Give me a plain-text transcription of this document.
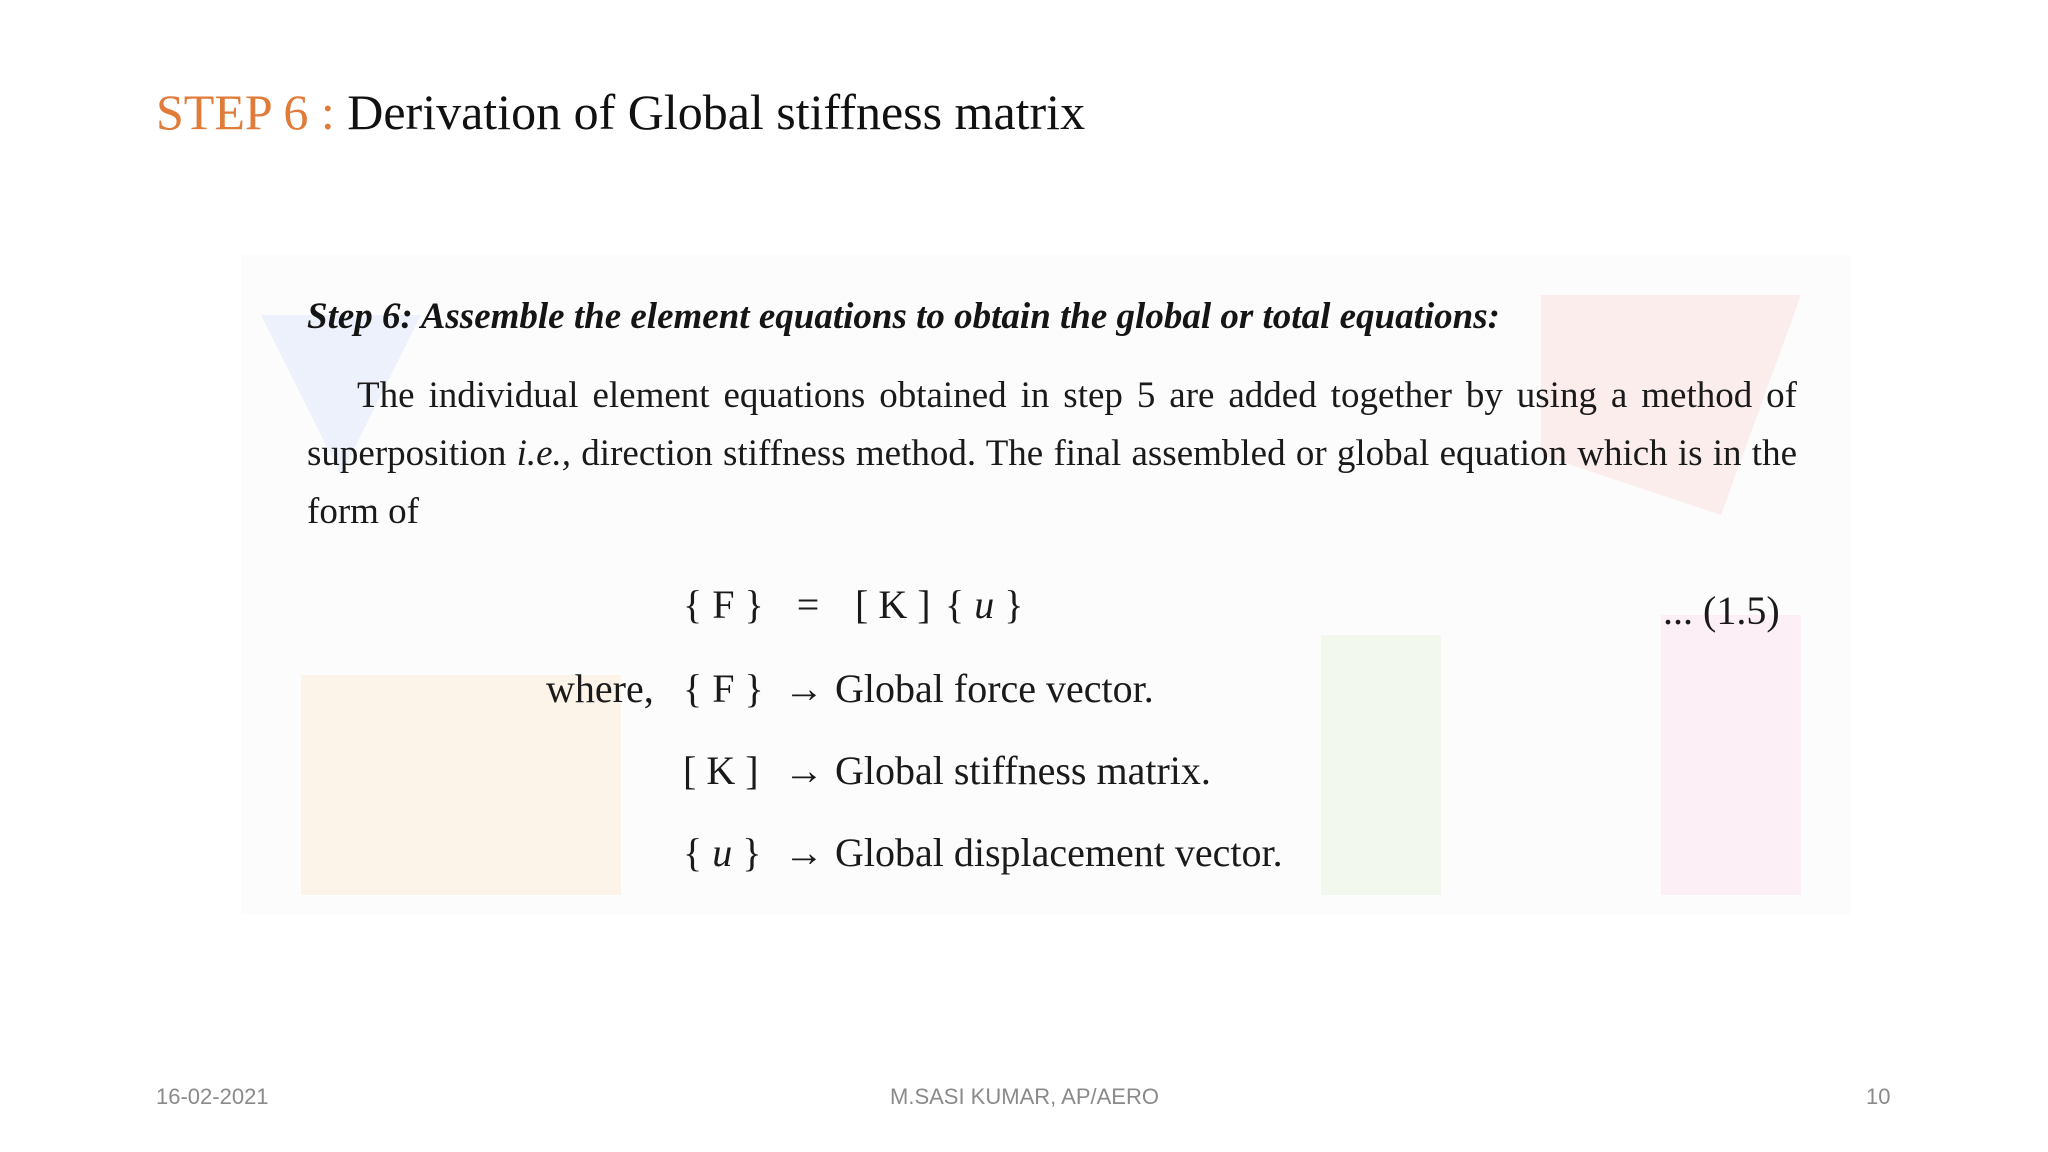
STEP 6 : Derivation of Global stiffness matrix
Step 6: Assemble the element equations to obtain the global or total equations:
The individual element equations obtained in step 5 are added together by using a method of superposition i.e., direction stiffness method. The final assembled or global equation which is in the form of
{ F } = [ K ] { u }	... (1.5)
where, { F } → Global force vector.
[ K ] → Global stiffness matrix.
{ u } → Global displacement vector.
16-02-2021	M.SASI KUMAR, AP/AERO	10
